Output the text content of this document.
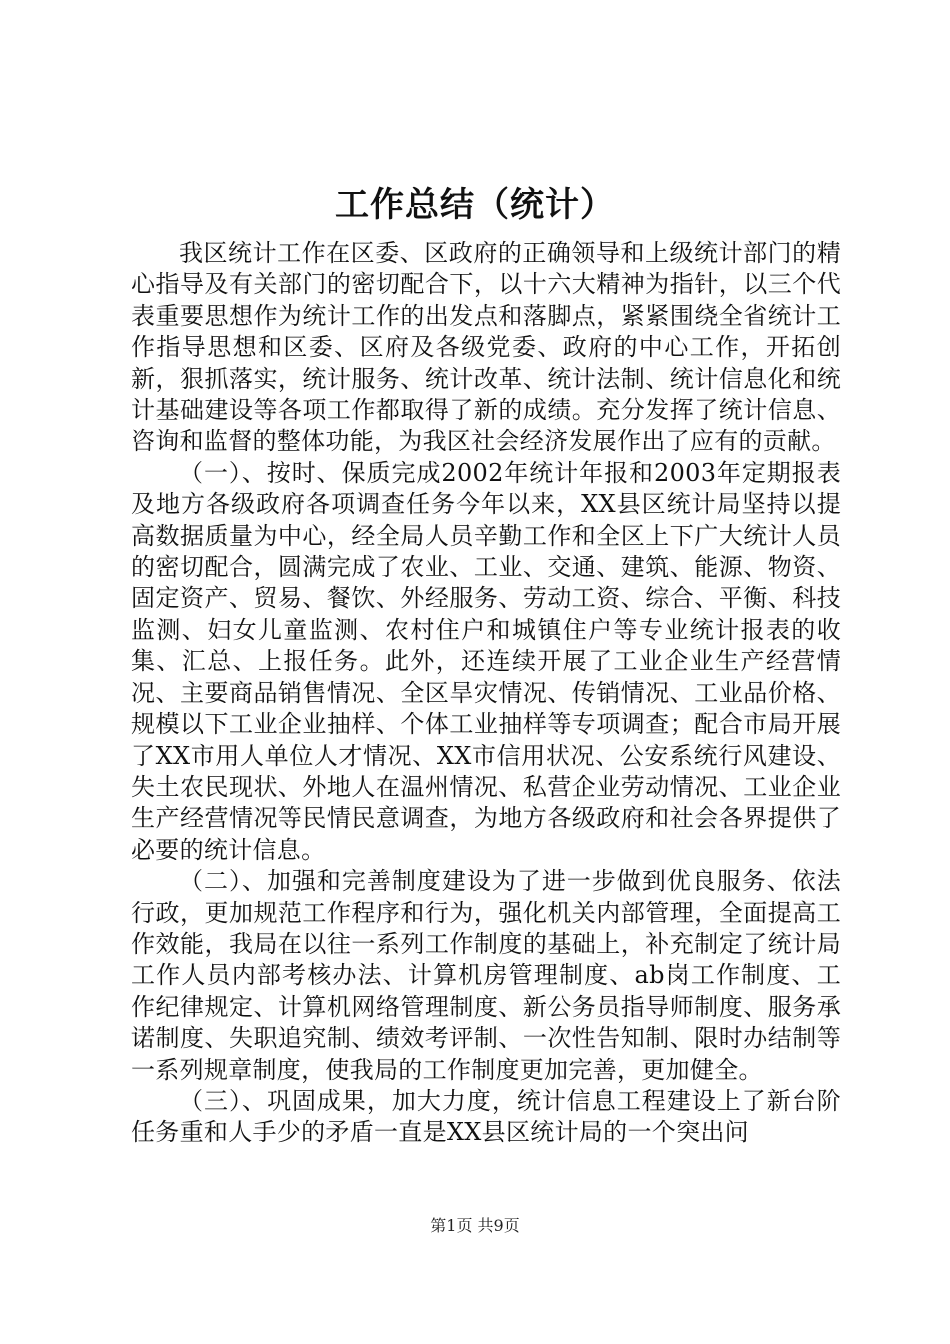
工作总结（统计）

我区统计工作在区委、区政府的正确领导和上级统计部门的精心指导及有关部门的密切配合下，以十六大精神为指针，以三个代表重要思想作为统计工作的出发点和落脚点，紧紧围绕全省统计工作指导思想和区委、区府及各级党委、政府的中心工作，开拓创新，狠抓落实，统计服务、统计改革、统计法制、统计信息化和统计基础建设等各项工作都取得了新的成绩。充分发挥了统计信息、咨询和监督的整体功能，为我区社会经济发展作出了应有的贡献。

（一）、按时、保质完成2002年统计年报和2003年定期报表及地方各级政府各项调查任务今年以来，XX县区统计局坚持以提高数据质量为中心，经全局人员辛勤工作和全区上下广大统计人员的密切配合，圆满完成了农业、工业、交通、建筑、能源、物资、固定资产、贸易、餐饮、外经服务、劳动工资、综合、平衡、科技监测、妇女儿童监测、农村住户和城镇住户等专业统计报表的收集、汇总、上报任务。此外，还连续开展了工业企业生产经营情况、主要商品销售情况、全区旱灾情况、传销情况、工业品价格、规模以下工业企业抽样、个体工业抽样等专项调查；配合市局开展了XX市用人单位人才情况、XX市信用状况、公安系统行风建设、失土农民现状、外地人在温州情况、私营企业劳动情况、工业企业生产经营情况等民情民意调查，为地方各级政府和社会各界提供了必要的统计信息。

（二）、加强和完善制度建设为了进一步做到优良服务、依法行政，更加规范工作程序和行为，强化机关内部管理，全面提高工作效能，我局在以往一系列工作制度的基础上，补充制定了统计局工作人员内部考核办法、计算机房管理制度、ab岗工作制度、工作纪律规定、计算机网络管理制度、新公务员指导师制度、服务承诺制度、失职追究制、绩效考评制、一次性告知制、限时办结制等一系列规章制度，使我局的工作制度更加完善，更加健全。

（三）、巩固成果，加大力度，统计信息工程建设上了新台阶任务重和人手少的矛盾一直是XX县区统计局的一个突出问

第1页 共9页
